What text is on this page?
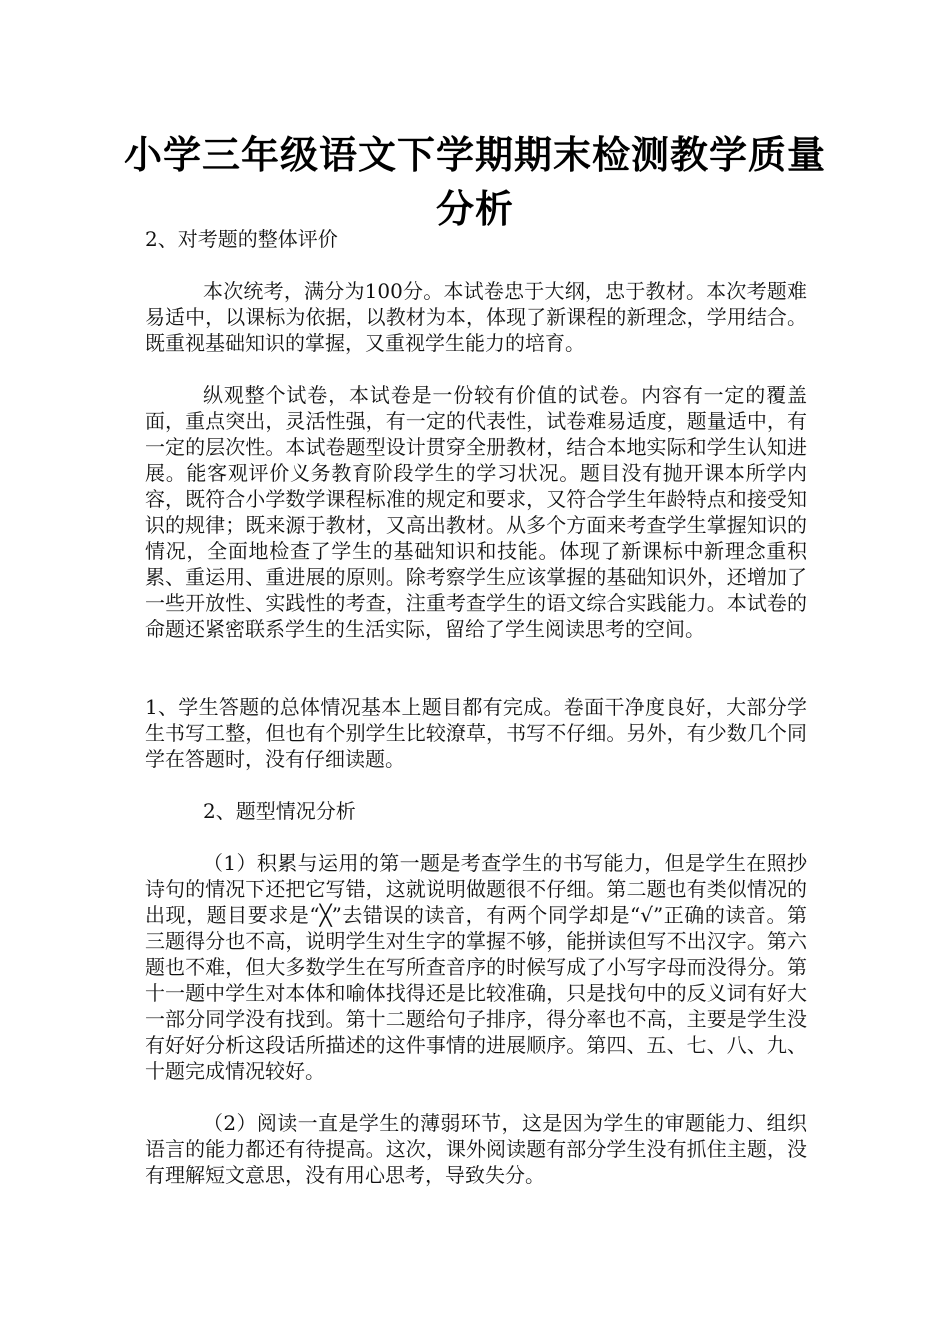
小学三年级语文下学期期末检测教学质量分析

2、对考题的整体评价

本次统考，满分为100分。本试卷忠于大纲，忠于教材。本次考题难易适中，以课标为依据，以教材为本，体现了新课程的新理念，学用结合。既重视基础知识的掌握，又重视学生能力的培育。

纵观整个试卷，本试卷是一份较有价值的试卷。内容有一定的覆盖面，重点突出，灵活性强，有一定的代表性，试卷难易适度，题量适中，有一定的层次性。本试卷题型设计贯穿全册教材，结合本地实际和学生认知进展。能客观评价义务教育阶段学生的学习状况。题目没有抛开课本所学内容，既符合小学数学课程标准的规定和要求，又符合学生年龄特点和接受知识的规律；既来源于教材，又高出教材。从多个方面来考查学生掌握知识的情况，全面地检查了学生的基础知识和技能。体现了新课标中新理念重积累、重运用、重进展的原则。除考察学生应该掌握的基础知识外，还增加了一些开放性、实践性的考查，注重考查学生的语文综合实践能力。本试卷的命题还紧密联系学生的生活实际，留给了学生阅读思考的空间。

1、学生答题的总体情况基本上题目都有完成。卷面干净度良好，大部分学生书写工整，但也有个别学生比较潦草，书写不仔细。另外，有少数几个同学在答题时，没有仔细读题。

2、题型情况分析

（1）积累与运用的第一题是考查学生的书写能力，但是学生在照抄诗句的情况下还把它写错，这就说明做题很不仔细。第二题也有类似情况的出现，题目要求是“╳”去错误的读音，有两个同学却是“√”正确的读音。第三题得分也不高，说明学生对生字的掌握不够，能拼读但写不出汉字。第六题也不难，但大多数学生在写所查音序的时候写成了小写字母而没得分。第十一题中学生对本体和喻体找得还是比较准确，只是找句中的反义词有好大一部分同学没有找到。第十二题给句子排序，得分率也不高，主要是学生没有好好分析这段话所描述的这件事情的进展顺序。第四、五、七、八、九、十题完成情况较好。

（2）阅读一直是学生的薄弱环节，这是因为学生的审题能力、组织语言的能力都还有待提高。这次，课外阅读题有部分学生没有抓住主题，没有理解短文意思，没有用心思考，导致失分。
